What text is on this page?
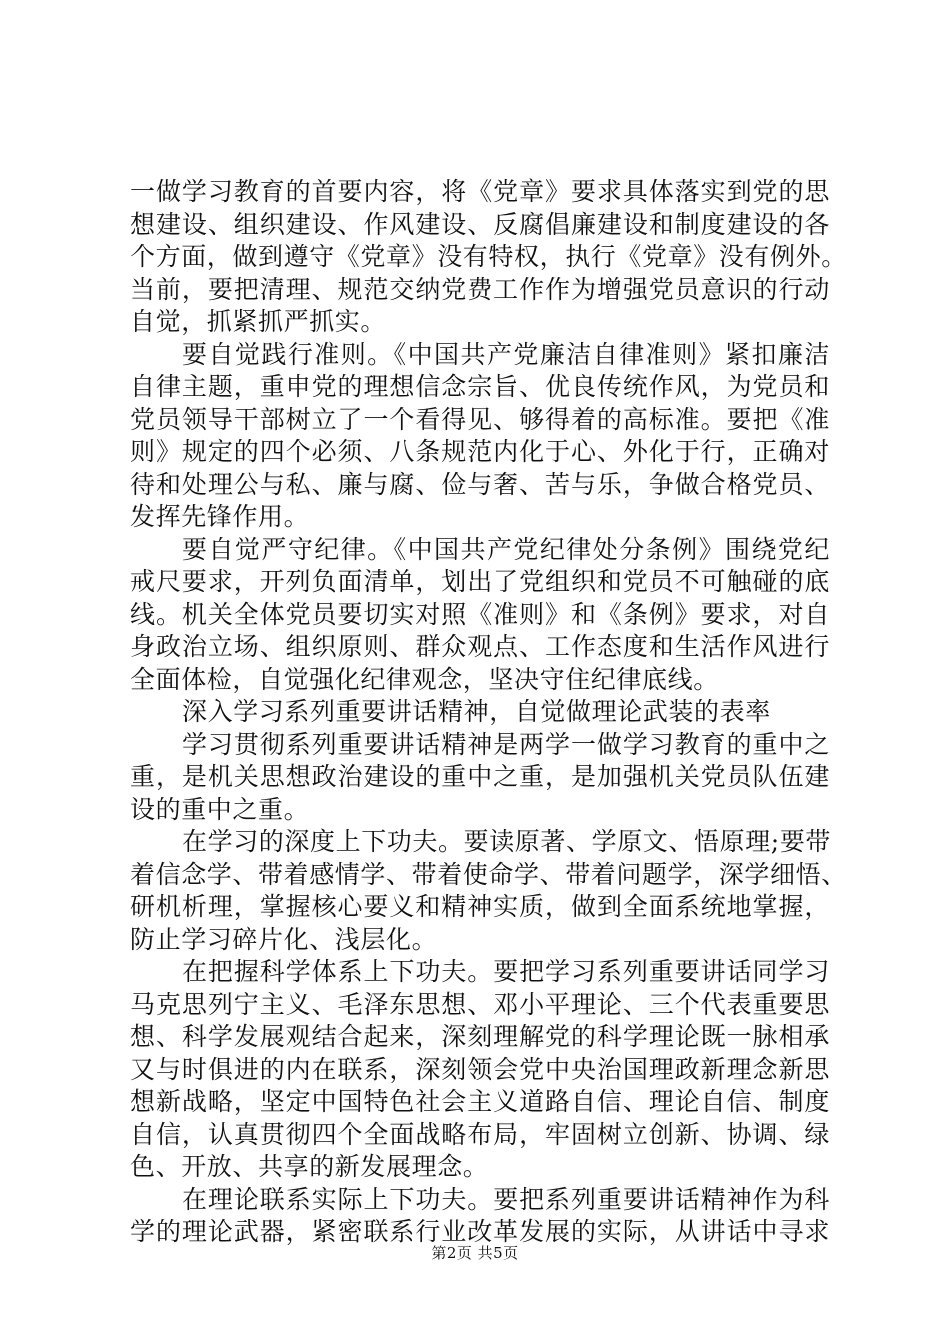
一做学习教育的首要内容，将《党章》要求具体落实到党的思
想建设、组织建设、作风建设、反腐倡廉建设和制度建设的各
个方面，做到遵守《党章》没有特权，执行《党章》没有例外。
当前，要把清理、规范交纳党费工作作为增强党员意识的行动
自觉，抓紧抓严抓实。
要自觉践行准则。《中国共产党廉洁自律准则》紧扣廉洁
自律主题，重申党的理想信念宗旨、优良传统作风，为党员和
党员领导干部树立了一个看得见、够得着的高标准。要把《准
则》规定的四个必须、八条规范内化于心、外化于行，正确对
待和处理公与私、廉与腐、俭与奢、苦与乐，争做合格党员、
发挥先锋作用。
要自觉严守纪律。《中国共产党纪律处分条例》围绕党纪
戒尺要求，开列负面清单，划出了党组织和党员不可触碰的底
线。机关全体党员要切实对照《准则》和《条例》要求，对自
身政治立场、组织原则、群众观点、工作态度和生活作风进行
全面体检，自觉强化纪律观念，坚决守住纪律底线。
深入学习系列重要讲话精神，自觉做理论武装的表率
学习贯彻系列重要讲话精神是两学一做学习教育的重中之
重，是机关思想政治建设的重中之重，是加强机关党员队伍建
设的重中之重。
在学习的深度上下功夫。要读原著、学原文、悟原理;要带
着信念学、带着感情学、带着使命学、带着问题学，深学细悟、
研机析理，掌握核心要义和精神实质，做到全面系统地掌握，
防止学习碎片化、浅层化。
在把握科学体系上下功夫。要把学习系列重要讲话同学习
马克思列宁主义、毛泽东思想、邓小平理论、三个代表重要思
想、科学发展观结合起来，深刻理解党的科学理论既一脉相承
又与时俱进的内在联系，深刻领会党中央治国理政新理念新思
想新战略，坚定中国特色社会主义道路自信、理论自信、制度
自信，认真贯彻四个全面战略布局，牢固树立创新、协调、绿
色、开放、共享的新发展理念。
在理论联系实际上下功夫。要把系列重要讲话精神作为科
学的理论武器，紧密联系行业改革发展的实际，从讲话中寻求
第2页 共5页
